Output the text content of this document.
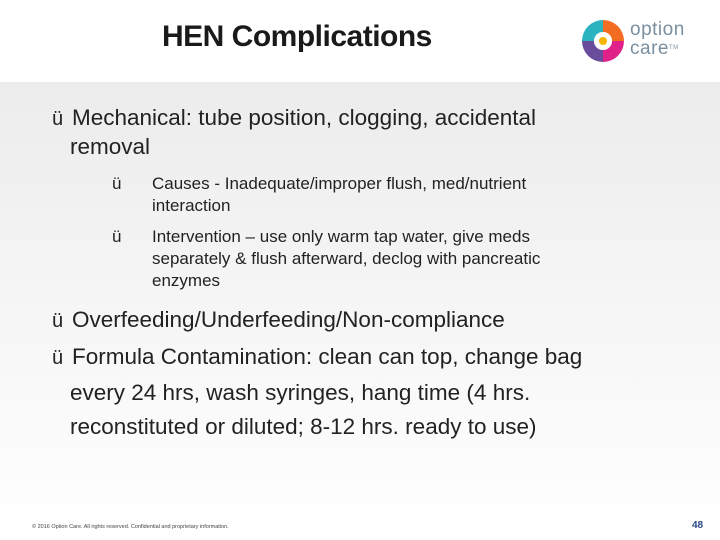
HEN Complications	option
care™
ü Mechanical: tube position, clogging, accidental
removal
ü	Causes - Inadequate/improper flush, med/nutrient
interaction
ü	Intervention – use only warm tap water, give meds
separately & flush afterward, declog with pancreatic
enzymes
ü Overfeeding/Underfeeding/Non-compliance
ü Formula Contamination: clean can top, change bag
every 24 hrs, wash syringes, hang time (4 hrs.
reconstituted or diluted; 8-12 hrs. ready to use)
© 2016 Option Care. All rights reserved. Confidential and proprietary information.	48
